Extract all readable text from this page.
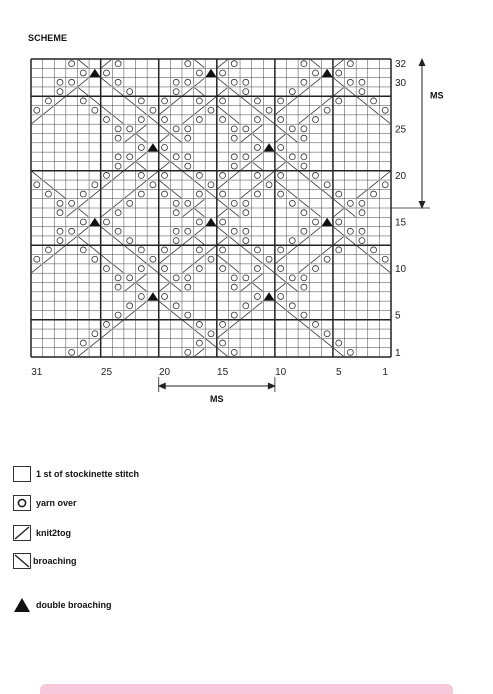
SCHEME
31	25	20	15	10	5	1
32
30
25
20
15
10
5
1
MS
MS
1 st of stockinette stitch
yarn over
knit2tog
broaching
double broaching
